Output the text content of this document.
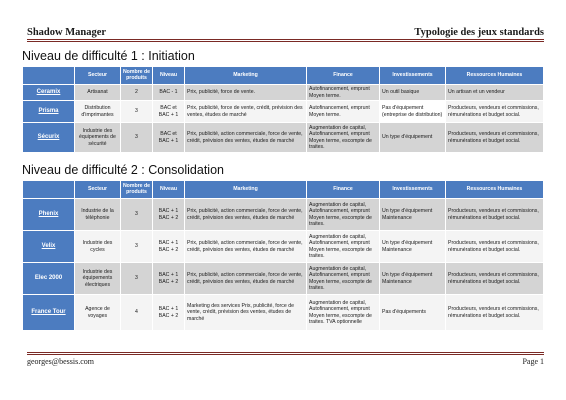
Shadow Manager	Typologie des jeux standards
Niveau de difficulté 1 : Initiation
	Secteur	Nombre de produits	Niveau	Marketing	Finance	Investissements	Ressources Humaines
Ceramix	Artisanat	2	BAC - 1	Prix, publicité, force de vente.	Autofinancement, emprunt Moyen terme.	Un outil basique	Un artisan et un vendeur
Prisma	Distribution d'imprimantes	3	BAC et BAC + 1	Prix, publicité, force de vente, crédit, prévision des ventes, études de marché	Autofinancement, emprunt Moyen terme.	Pas d'équipement (entreprise de distribution)	Producteurs, vendeurs et commissions, rémunérations et budget social.
Sécurix	Industrie des équipements de sécurité	3	BAC et BAC + 1	Prix, publicité, action commerciale, force de vente, crédit, prévision des ventes, études de marché	Augmentation de capital, Autofinancement, emprunt Moyen terme, escompte de traites.	Un type d'équipement	Producteurs, vendeurs et commissions, rémunérations et budget social.
Niveau de difficulté 2 : Consolidation
	Secteur	Nombre de produits	Niveau	Marketing	Finance	Investissements	Ressources Humaines
Phenix	Industrie de la téléphonie	3	BAC + 1 BAC + 2	Prix, publicité, action commerciale, force de vente, crédit, prévision des ventes, études de marché	Augmentation de capital, Autofinancement, emprunt Moyen terme, escompte de traites.	Un type d'équipement Maintenance	Producteurs, vendeurs et commissions, rémunérations et budget social.
Velix	Industrie des cycles	3	BAC + 1 BAC + 2	Prix, publicité, action commerciale, force de vente, crédit, prévision des ventes, études de marché	Augmentation de capital, Autofinancement, emprunt Moyen terme, escompte de traites.	Un type d'équipement Maintenance	Producteurs, vendeurs et commissions, rémunérations et budget social.
Elec 2000	Industrie des équipements électriques	3	BAC + 1 BAC + 2	Prix, publicité, action commerciale, force de vente, crédit, prévision des ventes, études de marché	Augmentation de capital, Autofinancement, emprunt Moyen terme, escompte de traites.	Un type d'équipement Maintenance	Producteurs, vendeurs et commissions, rémunérations et budget social.
France Tour	Agence de voyages	4	BAC + 1 BAC + 2	Marketing des services Prix, publicité, force de vente, crédit, prévision des ventes, études de marché	Augmentation de capital, Autofinancement, emprunt Moyen terme, escompte de traites. TVA optionnelle	Pas d'équipements	Producteurs, vendeurs et commissions, rémunérations et budget social.
georges@bessis.com	Page 1
